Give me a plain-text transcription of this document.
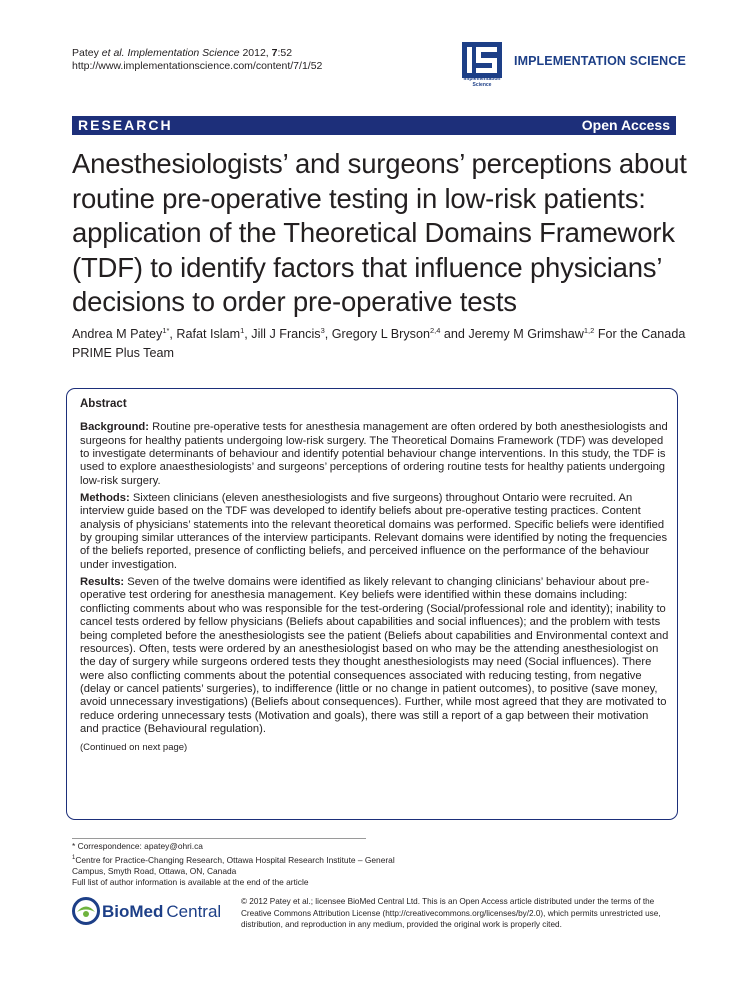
Patey et al. Implementation Science 2012, 7:52
http://www.implementationscience.com/content/7/1/52
Implementation Science
IMPLEMENTATION SCIENCE
RESEARCH	Open Access
Anesthesiologists’ and surgeons’ perceptions about routine pre-operative testing in low-risk patients: application of the Theoretical Domains Framework (TDF) to identify factors that influence physicians’ decisions to order pre-operative tests
Andrea M Patey$^{1*}$, Rafat Islam$^1$, Jill J Francis$^3$, Gregory L Bryson$^{2,4}$ and Jeremy M Grimshaw$^{1,2}$ For the Canada PRIME Plus Team
Abstract

Background: Routine pre-operative tests for anesthesia management are often ordered by both anesthesiologists and surgeons for healthy patients undergoing low-risk surgery. The Theoretical Domains Framework (TDF) was developed to investigate determinants of behaviour and identify potential behaviour change interventions. In this study, the TDF is used to explore anaesthesiologists’ and surgeons’ perceptions of ordering routine tests for healthy patients undergoing low-risk surgery.

Methods: Sixteen clinicians (eleven anesthesiologists and five surgeons) throughout Ontario were recruited. An interview guide based on the TDF was developed to identify beliefs about pre-operative testing practices. Content analysis of physicians’ statements into the relevant theoretical domains was performed. Specific beliefs were identified by grouping similar utterances of the interview participants. Relevant domains were identified by noting the frequencies of the beliefs reported, presence of conflicting beliefs, and perceived influence on the performance of the behaviour under investigation.

Results: Seven of the twelve domains were identified as likely relevant to changing clinicians’ behaviour about pre-operative test ordering for anesthesia management. Key beliefs were identified within these domains including: conflicting comments about who was responsible for the test-ordering (Social/professional role and identity); inability to cancel tests ordered by fellow physicians (Beliefs about capabilities and social influences); and the problem with tests being completed before the anesthesiologists see the patient (Beliefs about capabilities and Environmental context and resources). Often, tests were ordered by an anesthesiologist based on who may be the attending anesthesiologist on the day of surgery while surgeons ordered tests they thought anesthesiologists may need (Social influences). There were also conflicting comments about the potential consequences associated with reducing testing, from negative (delay or cancel patients’ surgeries), to indifference (little or no change in patient outcomes), to positive (save money, avoid unnecessary investigations) (Beliefs about consequences). Further, while most agreed that they are motivated to reduce ordering unnecessary tests (Motivation and goals), there was still a report of a gap between their motivation and practice (Behavioural regulation).

(Continued on next page)
* Correspondence: apatey@ohri.ca
$^1$Centre for Practice-Changing Research, Ottawa Hospital Research Institute – General Campus, Smyth Road, Ottawa, ON, Canada
Full list of author information is available at the end of the article
BioMed Central
© 2012 Patey et al.; licensee BioMed Central Ltd. This is an Open Access article distributed under the terms of the Creative Commons Attribution License (http://creativecommons.org/licenses/by/2.0), which permits unrestricted use, distribution, and reproduction in any medium, provided the original work is properly cited.
